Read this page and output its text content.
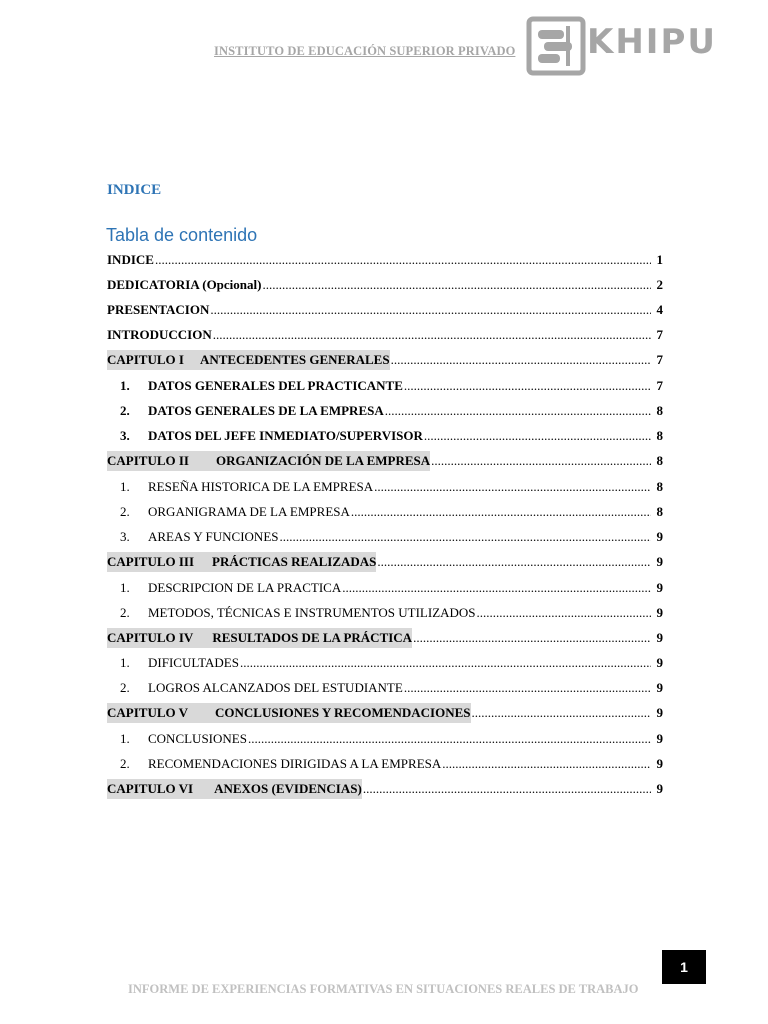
INSTITUTO DE EDUCACIÓN SUPERIOR PRIVADO KHIPU
INDICE
Tabla de contenido
INDICE .....	1
DEDICATORIA (Opcional) .....	2
PRESENTACION .....	4
INTRODUCCION .....	7
CAPITULO I ANTECEDENTES GENERALES .....	7
1.	DATOS GENERALES DEL PRACTICANTE .....	7
2.	DATOS GENERALES DE LA EMPRESA .....	8
3.	DATOS DEL JEFE INMEDIATO/SUPERVISOR .....	8
CAPITULO II ORGANIZACIÓN DE LA EMPRESA .....	8
1.	RESEÑA HISTORICA DE LA EMPRESA .....	8
2.	ORGANIGRAMA DE LA EMPRESA .....	8
3.	AREAS Y FUNCIONES .....	9
CAPITULO III PRÁCTICAS REALIZADAS .....	9
1.	DESCRIPCION DE LA PRACTICA .....	9
2.	METODOS, TÉCNICAS E INSTRUMENTOS UTILIZADOS .....	9
CAPITULO IV RESULTADOS DE LA PRÁCTICA .....	9
1.	DIFICULTADES .....	9
2.	LOGROS ALCANZADOS DEL ESTUDIANTE .....	9
CAPITULO V CONCLUSIONES Y RECOMENDACIONES .....	9
1.	CONCLUSIONES .....	9
2.	RECOMENDACIONES DIRIGIDAS A LA EMPRESA .....	9
CAPITULO VI ANEXOS (EVIDENCIAS) .....	9
1
INFORME DE EXPERIENCIAS FORMATIVAS EN SITUACIONES REALES DE TRABAJO
